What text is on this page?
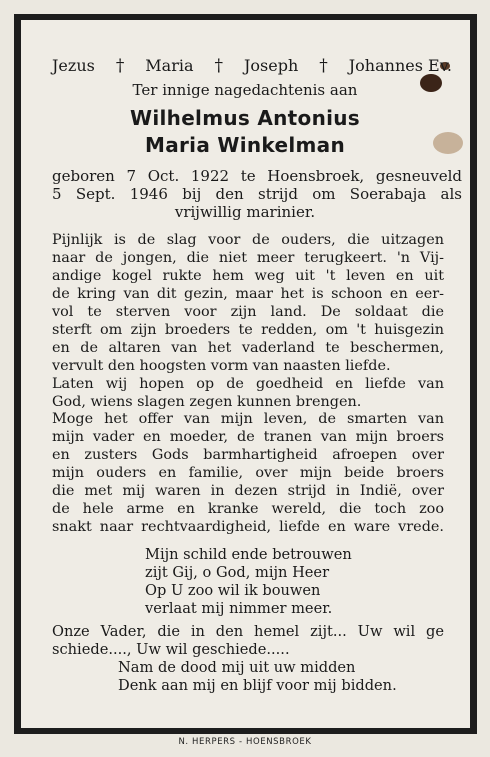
Jezus † Maria † Joseph † Johannes Ev.

Ter innige nagedachtenis aan

Wilhelmus Antonius

Maria Winkelman

geboren 7 Oct. 1922 te Hoensbroek, gesneuveld

5 Sept. 1946 bij den strijd om Soerabaja als

vrijwillig marinier.

Pijnlijk is de slag voor de ouders, die uitzagen

naar de jongen, die niet meer terugkeert. 'n Vij-

andige kogel rukte hem weg uit 't leven en uit

de kring van dit gezin, maar het is schoon en eer-

vol te sterven voor zijn land. De soldaat die

sterft om zijn broeders te redden, om 't huisgezin

en de altaren van het vaderland te beschermen,

vervult den hoogsten vorm van naasten liefde.

Laten wij hopen op de goedheid en liefde van

God, wiens slagen zegen kunnen brengen.

Moge het offer van mijn leven, de smarten van

mijn vader en moeder, de tranen van mijn broers

en zusters Gods barmhartigheid afroepen over

mijn ouders en familie, over mijn beide broers

die met mij waren in dezen strijd in Indië, over

de hele arme en kranke wereld, die toch zoo

snakt naar rechtvaardigheid, liefde en ware vrede.

Mijn schild ende betrouwen

zijt Gij, o God, mijn Heer

Op U zoo wil ik bouwen

verlaat mij nimmer meer.

Onze Vader, die in den hemel zijt... Uw wil ge

schiede...., Uw wil geschiede.....

Nam de dood mij uit uw midden

Denk aan mij en blijf voor mij bidden.

N. HERPERS - HOENSBROEK
